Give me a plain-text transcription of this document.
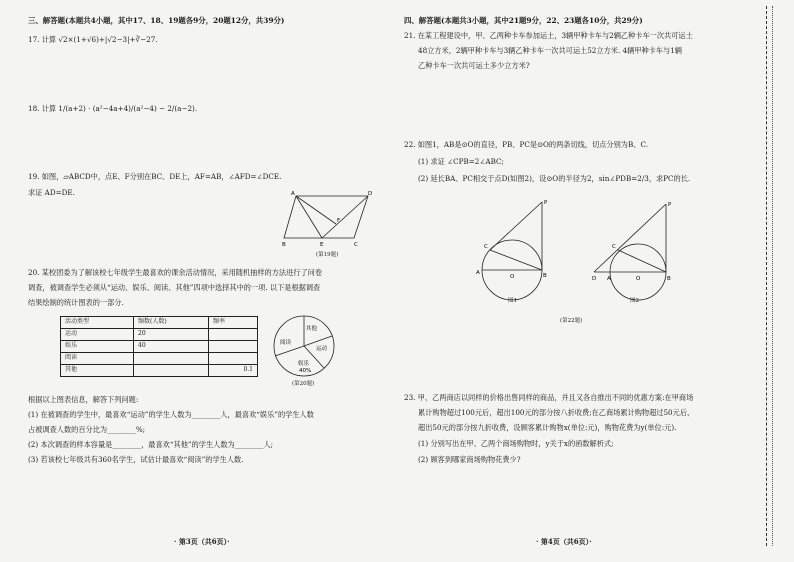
三、解答题(本题共4小题，其中17、18、19题各9分，20题12分，共39分)
17. 计算 √2×(1+√6)+|√2−3|+∛−27.
18. 计算 1/(a+2) · (a²−4a+4)/(a²−4) − 2/(a−2).
19. 如图，▱ABCD中，点E、F分别在BC、DE上，AF=AB，∠AFD=∠DCE.
求证 AD=DE.	A	D
F
B	E	C
(第19题)
20. 某校团委为了解该校七年级学生最喜欢的课余活动情况，采用随机抽样的方法进行了问卷
调查，被调查学生必须从“运动、娱乐、阅读、其他”四项中选择其中的一项. 以下是根据调查
结果绘制的统计图表的一部分.
活动类型	频数(人数)	频率
运动	20	
娱乐	40	
阅读		
其他		0.1
其他
运动
阅读
娱乐
40%
(第20题)
根据以上图表信息，解答下列问题:
(1) 在被调查的学生中，最喜欢“运动”的学生人数为________人，最喜欢“娱乐”的学生人数
占被调查人数的百分比为________%;
(2) 本次调查的样本容量是________，最喜欢“其他”的学生人数为________人;
(3) 若该校七年级共有360名学生，试估计最喜欢“阅读”的学生人数.
· 第3页（共6页）·
四、解答题(本题共3小题，其中21题9分，22、23题各10分，共29分)
21. 在某工程建设中，甲、乙两种卡车参加运土，3辆甲种卡车与2辆乙种卡车一次共可运土
48立方米，2辆甲种卡车与3辆乙种卡车一次共可运土52立方米. 4辆甲种卡车与1辆
乙种卡车一次共可运土多少立方米?
22. 如图1，AB是⊙O的直径，PB、PC是⊙O的两条切线，切点分别为B、C.
(1) 求证 ∠CPB=2∠ABC;
(2) 延长BA、PC相交于点D(如图2)，设⊙O的半径为2，sin∠PDB=2/3，求PC的长.
P
C
A
O	B
图1
P
C
D A	O	B
图2
(第22题)
23. 甲、乙两商店以同样的价格出售同样的商品，并且又各自推出不同的优惠方案:在甲商场
累计购物超过100元后，超出100元的部分按八折收费;在乙商场累计购物超过50元后，
超出50元的部分按九折收费，设顾客累计购物x(单位:元)，购物花费为y(单位:元).
(1) 分别写出在甲、乙两个商场购物时，y关于x的函数解析式;
(2) 顾客到哪家商场购物花费少?
· 第4页（共6页）·
